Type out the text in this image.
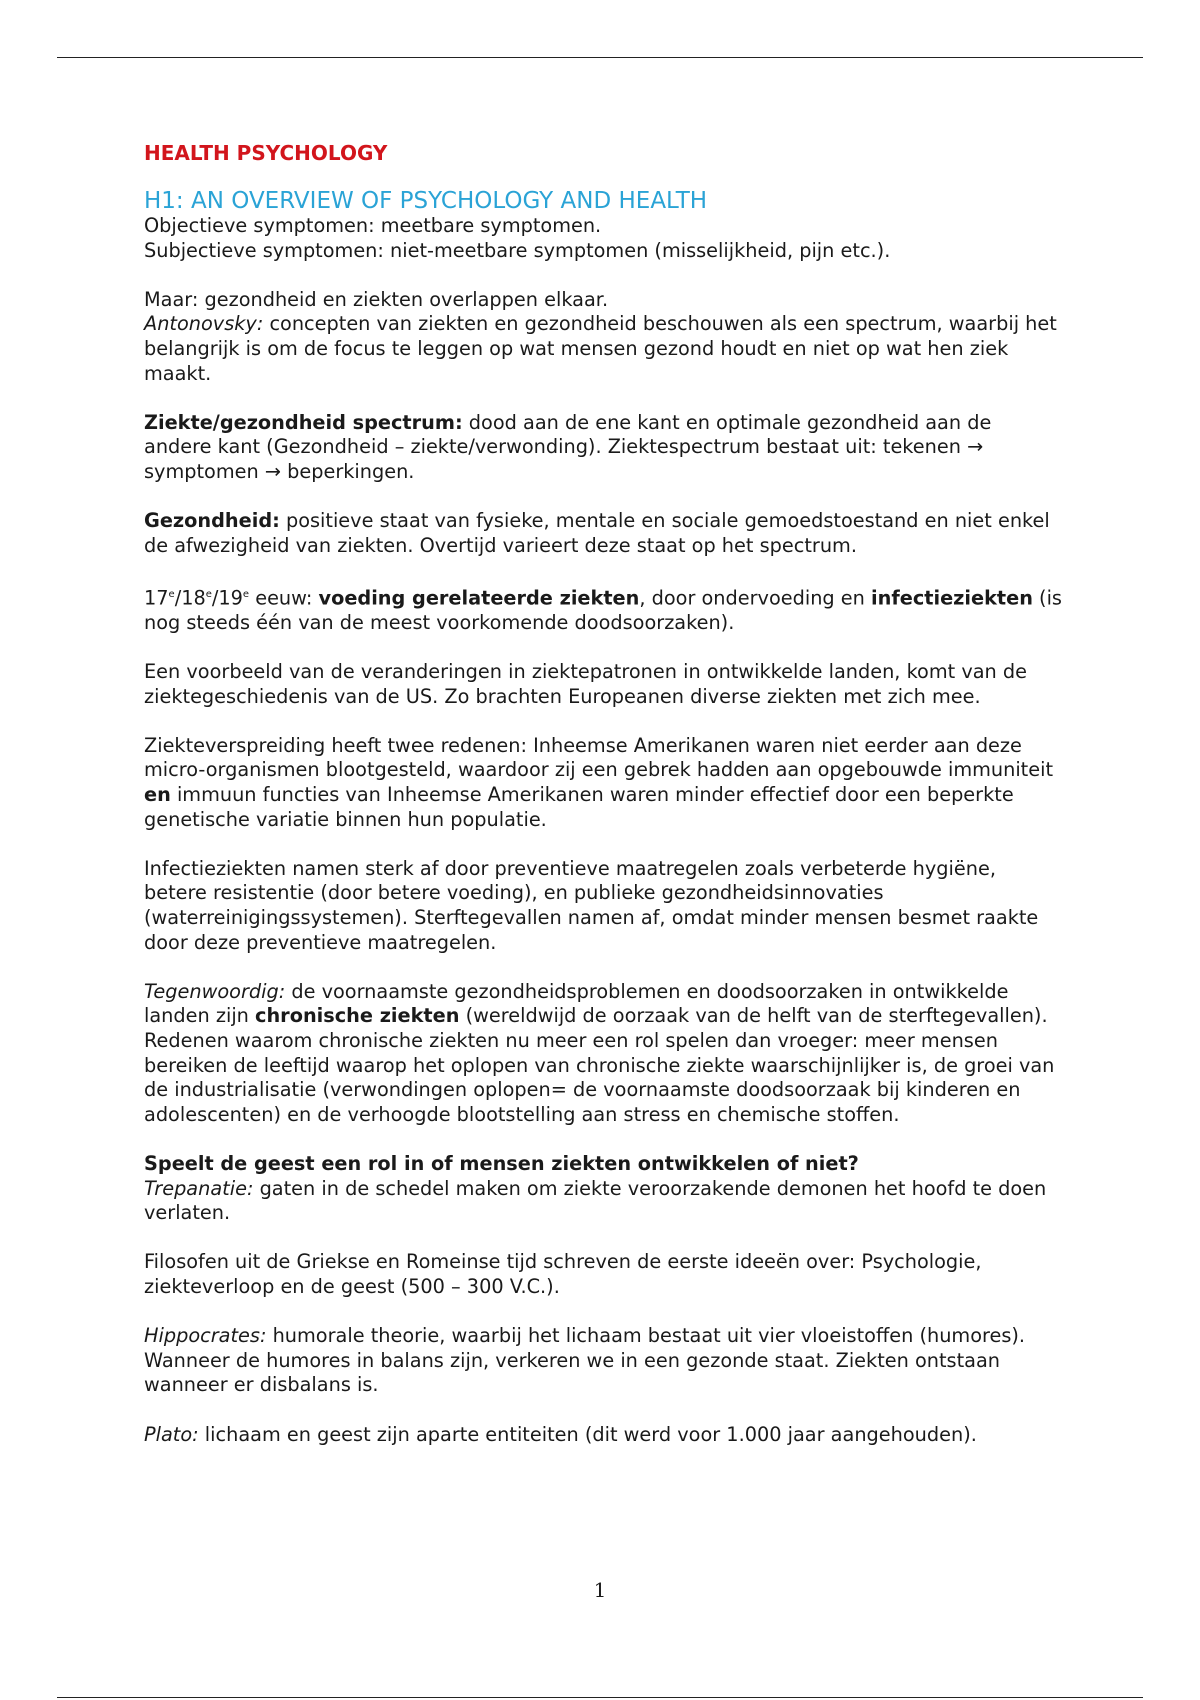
HEALTH PSYCHOLOGY
H1: AN OVERVIEW OF PSYCHOLOGY AND HEALTH

Objectieve symptomen: meetbare symptomen.
Subjectieve symptomen: niet-meetbare symptomen (misselijkheid, pijn etc.).

Maar: gezondheid en ziekten overlappen elkaar.
Antonovsky: concepten van ziekten en gezondheid beschouwen als een spectrum, waarbij het belangrijk is om de focus te leggen op wat mensen gezond houdt en niet op wat hen ziek maakt.

Ziekte/gezondheid spectrum: dood aan de ene kant en optimale gezondheid aan de andere kant (Gezondheid – ziekte/verwonding). Ziektespectrum bestaat uit: tekenen → symptomen → beperkingen.

Gezondheid: positieve staat van fysieke, mentale en sociale gemoedstoestand en niet enkel de afwezigheid van ziekten. Overtijd varieert deze staat op het spectrum.

17e/18e/19e eeuw: voeding gerelateerde ziekten, door ondervoeding en infectieziekten (is nog steeds één van de meest voorkomende doodsoorzaken).

Een voorbeeld van de veranderingen in ziektepatronen in ontwikkelde landen, komt van de ziektegeschiedenis van de US. Zo brachten Europeanen diverse ziekten met zich mee.

Ziekteverspreiding heeft twee redenen: Inheemse Amerikanen waren niet eerder aan deze micro-organismen blootgesteld, waardoor zij een gebrek hadden aan opgebouwde immuniteit en immuun functies van Inheemse Amerikanen waren minder effectief door een beperkte genetische variatie binnen hun populatie.

Infectieziekten namen sterk af door preventieve maatregelen zoals verbeterde hygiëne, betere resistentie (door betere voeding), en publieke gezondheidsinnovaties (waterreinigingssystemen). Sterftegevallen namen af, omdat minder mensen besmet raakte door deze preventieve maatregelen.

Tegenwoordig: de voornaamste gezondheidsproblemen en doodsoorzaken in ontwikkelde landen zijn chronische ziekten (wereldwijd de oorzaak van de helft van de sterftegevallen). Redenen waarom chronische ziekten nu meer een rol spelen dan vroeger: meer mensen bereiken de leeftijd waarop het oplopen van chronische ziekte waarschijnlijker is, de groei van de industrialisatie (verwondingen oplopen= de voornaamste doodsoorzaak bij kinderen en adolescenten) en de verhoogde blootstelling aan stress en chemische stoffen.

Speelt de geest een rol in of mensen ziekten ontwikkelen of niet?

Trepanatie: gaten in de schedel maken om ziekte veroorzakende demonen het hoofd te doen verlaten.

Filosofen uit de Griekse en Romeinse tijd schreven de eerste ideeën over: Psychologie, ziekteverloop en de geest (500 – 300 V.C.).

Hippocrates: humorale theorie, waarbij het lichaam bestaat uit vier vloeistoffen (humores). Wanneer de humores in balans zijn, verkeren we in een gezonde staat. Ziekten ontstaan wanneer er disbalans is.

Plato: lichaam en geest zijn aparte entiteiten (dit werd voor 1.000 jaar aangehouden).

1
